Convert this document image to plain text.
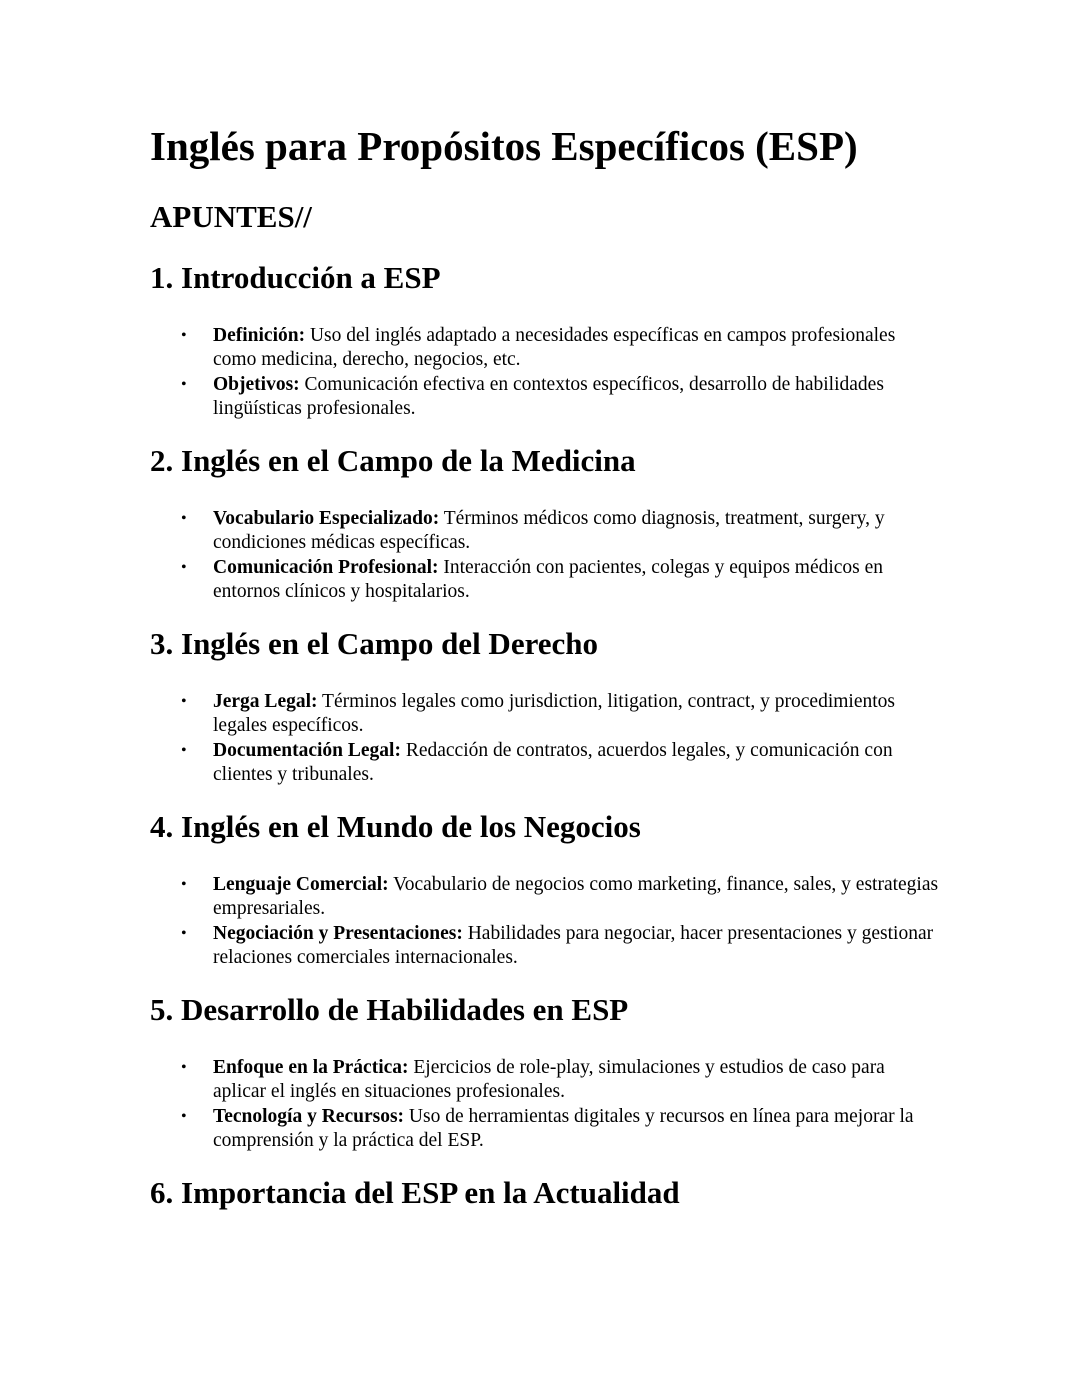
Inglés para Propósitos Específicos (ESP)

APUNTES//

1. Introducción a ESP
• Definición: Uso del inglés adaptado a necesidades específicas en campos profesionales como medicina, derecho, negocios, etc.
• Objetivos: Comunicación efectiva en contextos específicos, desarrollo de habilidades lingüísticas profesionales.
2. Inglés en el Campo de la Medicina
• Vocabulario Especializado: Términos médicos como diagnosis, treatment, surgery, y condiciones médicas específicas.
• Comunicación Profesional: Interacción con pacientes, colegas y equipos médicos en entornos clínicos y hospitalarios.
3. Inglés en el Campo del Derecho
• Jerga Legal: Términos legales como jurisdiction, litigation, contract, y procedimientos legales específicos.
• Documentación Legal: Redacción de contratos, acuerdos legales, y comunicación con clientes y tribunales.
4. Inglés en el Mundo de los Negocios
• Lenguaje Comercial: Vocabulario de negocios como marketing, finance, sales, y estrategias empresariales.
• Negociación y Presentaciones: Habilidades para negociar, hacer presentaciones y gestionar relaciones comerciales internacionales.
5. Desarrollo de Habilidades en ESP
• Enfoque en la Práctica: Ejercicios de role-play, simulaciones y estudios de caso para aplicar el inglés en situaciones profesionales.
• Tecnología y Recursos: Uso de herramientas digitales y recursos en línea para mejorar la comprensión y la práctica del ESP.
6. Importancia del ESP en la Actualidad
